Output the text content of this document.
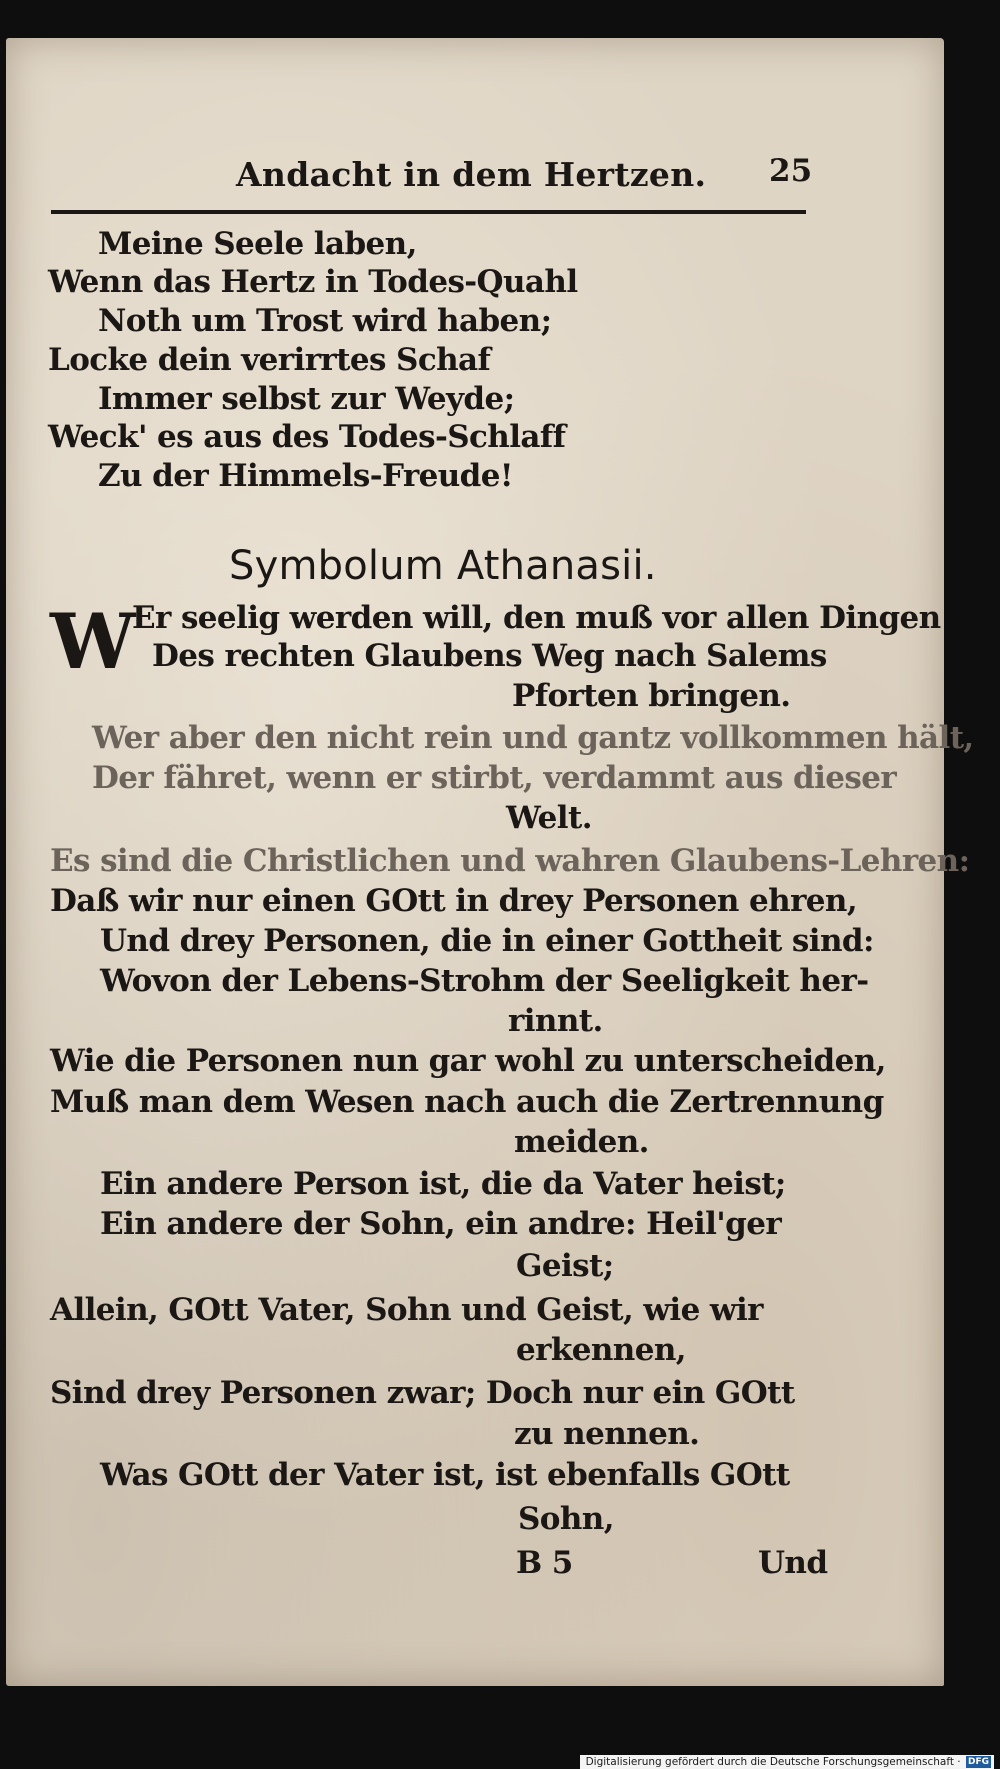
Andacht in dem Hertzen. 25
Meine Seele laben,
Wenn das Hertz in Todes-Quahl
Noth um Trost wird haben;
Locke dein verirrtes Schaf
Immer selbst zur Weyde;
Weck' es aus des Todes-Schlaff
Zu der Himmels-Freude!
Symbolum Athanasii.
W
Er seelig werden will, den muß vor allen Dingen
Des rechten Glaubens Weg nach Salems
Pforten bringen.
Wer aber den nicht rein und gantz vollkommen hält,
Der fähret, wenn er stirbt, verdammt aus dieser
Welt.
Es sind die Christlichen und wahren Glaubens-Lehren:
Daß wir nur einen GOtt in drey Personen ehren,
Und drey Personen, die in einer Gottheit sind:
Wovon der Lebens-Strohm der Seeligkeit her-
rinnt.
Wie die Personen nun gar wohl zu unterscheiden,
Muß man dem Wesen nach auch die Zertrennung
meiden.
Ein andere Person ist, die da Vater heist;
Ein andere der Sohn, ein andre: Heil'ger
Geist;
Allein, GOtt Vater, Sohn und Geist, wie wir
erkennen,
Sind drey Personen zwar; Doch nur ein GOtt
zu nennen.
Was GOtt der Vater ist, ist ebenfalls GOtt
Sohn,
B 5	Und
Digitalisierung gefördert durch die Deutsche Forschungsgemeinschaft · DFG
